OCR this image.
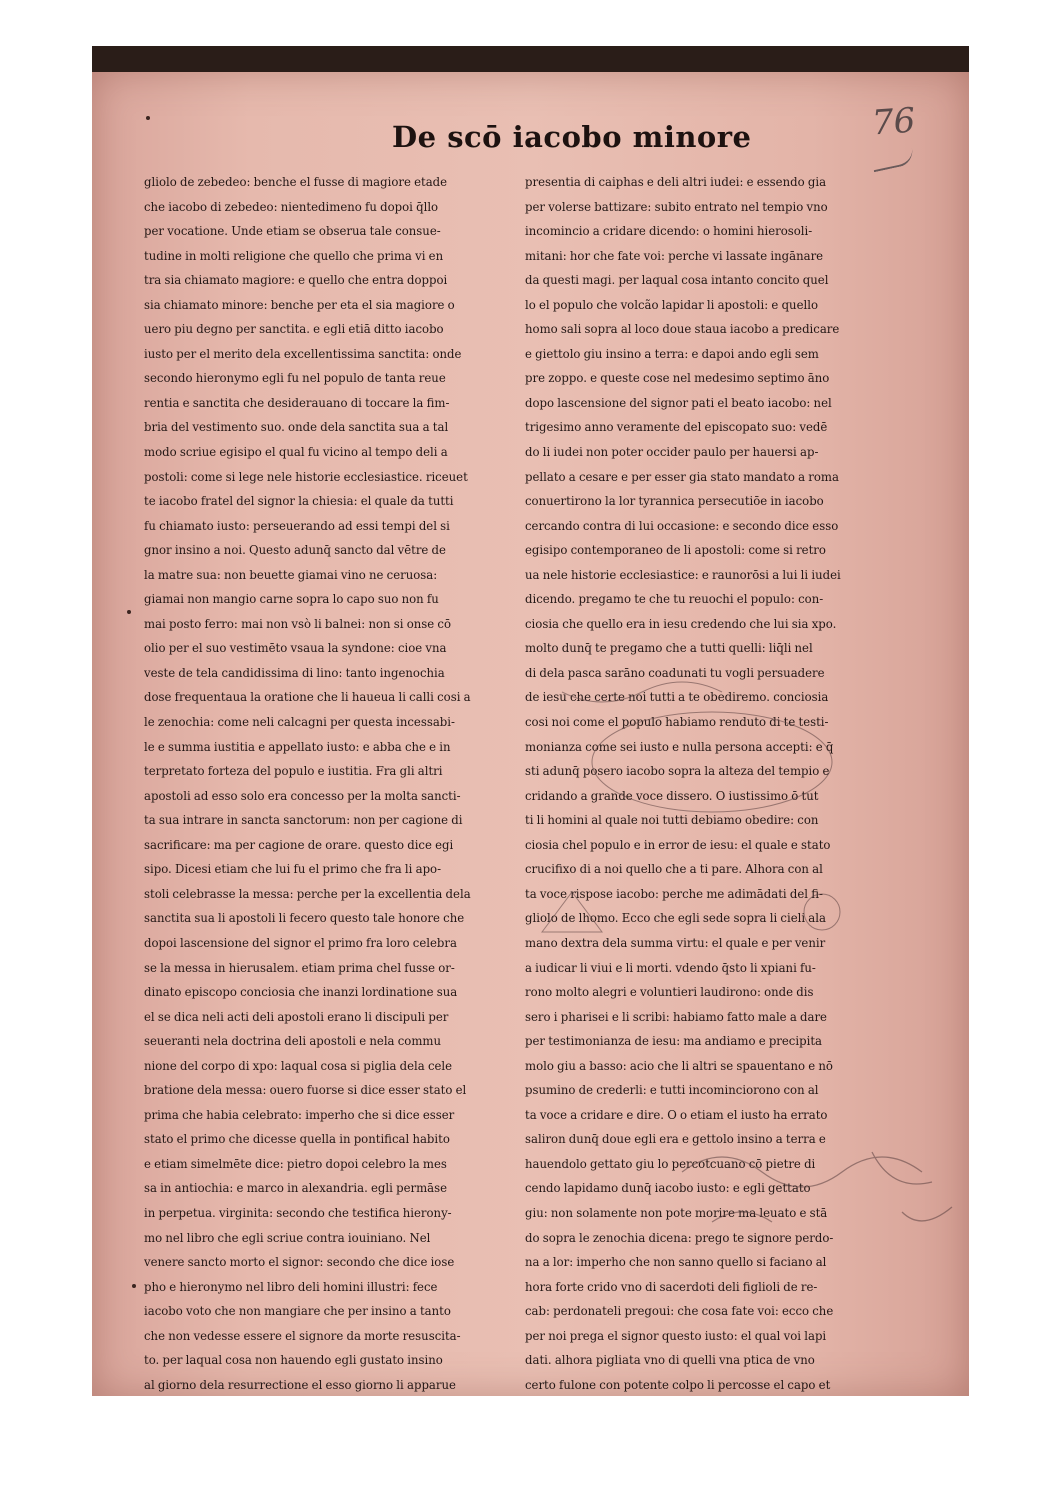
De scō iacobo minore	76
gliolo de zebedeo: benche el fusse di magiore etade
che iacobo di zebedeo: nientedimeno fu dopoi q̄llo
per vocatione. Unde etiam se obserua tale consue-
tudine in molti religione che quello che prima vi en
tra sia chiamato magiore: e quello che entra doppoi
sia chiamato minore: benche per eta el sia magiore o
uero piu degno per sanctita. e egli etiā ditto iacobo
iusto per el merito dela excellentissima sanctita: onde
secondo hieronymo egli fu nel populo de tanta reue
rentia e sanctita che desiderauano di toccare la fim-
bria del vestimento suo. onde dela sanctita sua a tal
modo scriue egisipo el qual fu vicino al tempo deli a
postoli: come si lege nele historie ecclesiastice. riceuet
te iacobo fratel del signor la chiesia: el quale da tutti
fu chiamato iusto: perseuerando ad essi tempi del si
gnor insino a noi. Questo adunq̄ sancto dal vētre de
la matre sua: non beuette giamai vino ne ceruosa:
giamai non mangio carne sopra lo capo suo non fu
mai posto ferro: mai non vsò li balnei: non si onse cō
olio per el suo vestimēto vsaua la syndone: cioe vna
veste de tela candidissima di lino: tanto ingenochia
dose frequentaua la oratione che li haueua li calli cosi a
le zenochia: come neli calcagni per questa incessabi-
le e summa iustitia e appellato iusto: e abba che e in
terpretato forteza del populo e iustitia. Fra gli altri
apostoli ad esso solo era concesso per la molta sancti-
ta sua intrare in sancta sanctorum: non per cagione di
sacrificare: ma per cagione de orare. questo dice egi
sipo. Dicesi etiam che lui fu el primo che fra li apo-
stoli celebrasse la messa: perche per la excellentia dela
sanctita sua li apostoli li fecero questo tale honore che
dopoi lascensione del signor el primo fra loro celebra
se la messa in hierusalem. etiam prima chel fusse or-
dinato episcopo conciosia che inanzi lordinatione sua
el se dica neli acti deli apostoli erano li discipuli per
seueranti nela doctrina deli apostoli e nela commu
nione del corpo di xpo: laqual cosa si piglia dela cele
bratione dela messa: ouero fuorse si dice esser stato el
prima che habia celebrato: imperho che si dice esser
stato el primo che dicesse quella in pontifical habito
e etiam simelmēte dice: pietro dopoi celebro la mes
sa in antiochia: e marco in alexandria. egli permāse
in perpetua. virginita: secondo che testifica hierony-
mo nel libro che egli scriue contra iouiniano. Nel
venere sancto morto el signor: secondo che dice iose
pho e hieronymo nel libro deli homini illustri: fece
iacobo voto che non mangiare che per insino a tanto
che non vedesse essere el signore da morte resuscita-
to. per laqual cosa non hauendo egli gustato insino
al giorno dela resurrectione el esso giorno li apparue
presentia di caiphas e deli altri iudei: e essendo gia
per volerse battizare: subito entrato nel tempio vno
incomincio a cridare dicendo: o homini hierosoli-
mitani: hor che fate voi: perche vi lassate ingānare
da questi magi. per laqual cosa intanto concito quel
lo el populo che volcão lapidar li apostoli: e quello
homo sali sopra al loco doue staua iacobo a predicare
e giettolo giu insino a terra: e dapoi ando egli sem
pre zoppo. e queste cose nel medesimo septimo āno
dopo lascensione del signor pati el beato iacobo: nel
trigesimo anno veramente del episcopato suo: vedē
do li iudei non poter occider paulo per hauersi ap-
pellato a cesare e per esser gia stato mandato a roma
conuertirono la lor tyrannica persecutiōe in iacobo
cercando contra di lui occasione: e secondo dice esso
egisipo contemporaneo de li apostoli: come si retro
ua nele historie ecclesiastice: e raunorōsi a lui li iudei
dicendo. pregamo te che tu reuochi el populo: con-
ciosia che quello era in iesu credendo che lui sia xpo.
molto dunq̄ te pregamo che a tutti quelli: liq̄li nel
di dela pasca sarāno coadunati tu vogli persuadere
de iesu che certe noi tutti a te obediremo. conciosia
cosi noi come el populo habiamo renduto di te testi-
monianza come sei iusto e nulla persona accepti: e q̄
sti adunq̄ posero iacobo sopra la alteza del tempio e
cridando a grande voce dissero. O iustissimo ō tut
ti li homini al quale noi tutti debiamo obedire: con
ciosia chel populo e in error de iesu: el quale e stato
crucifixo di a noi quello che a ti pare. Alhora con al
ta voce rispose iacobo: perche me adimādati del fi-
gliolo de lhomo. Ecco che egli sede sopra li cieli ala
mano dextra dela summa virtu: el quale e per venir
a iudicar li viui e li morti. vdendo q̄sto li xpiani fu-
rono molto alegri e voluntieri laudirono: onde dis
sero i pharisei e li scribi: habiamo fatto male a dare
per testimonianza de iesu: ma andiamo e precipita
molo giu a basso: acio che li altri se spauentano e nō
psumino de crederli: e tutti incominciorono con al
ta voce a cridare e dire. O o etiam el iusto ha errato
saliron dunq̄ doue egli era e gettolo insino a terra e
hauendolo gettato giu lo percotcuano cō pietre di
cendo lapidamo dunq̄ iacobo iusto: e egli gettato
giu: non solamente non pote morire ma leuato e stā
do sopra le zenochia dicena: prego te signore perdo-
na a lor: imperho che non sanno quello si faciano al
hora forte crido vno di sacerdoti deli figlioli de re-
cab: perdonateli pregoui: che cosa fate voi: ecco che
per noi prega el signor questo iusto: el qual voi lapi
dati. alhora pigliata vno di quelli vna ptica de vno
certo fulone con potente colpo li percosse el capo et
